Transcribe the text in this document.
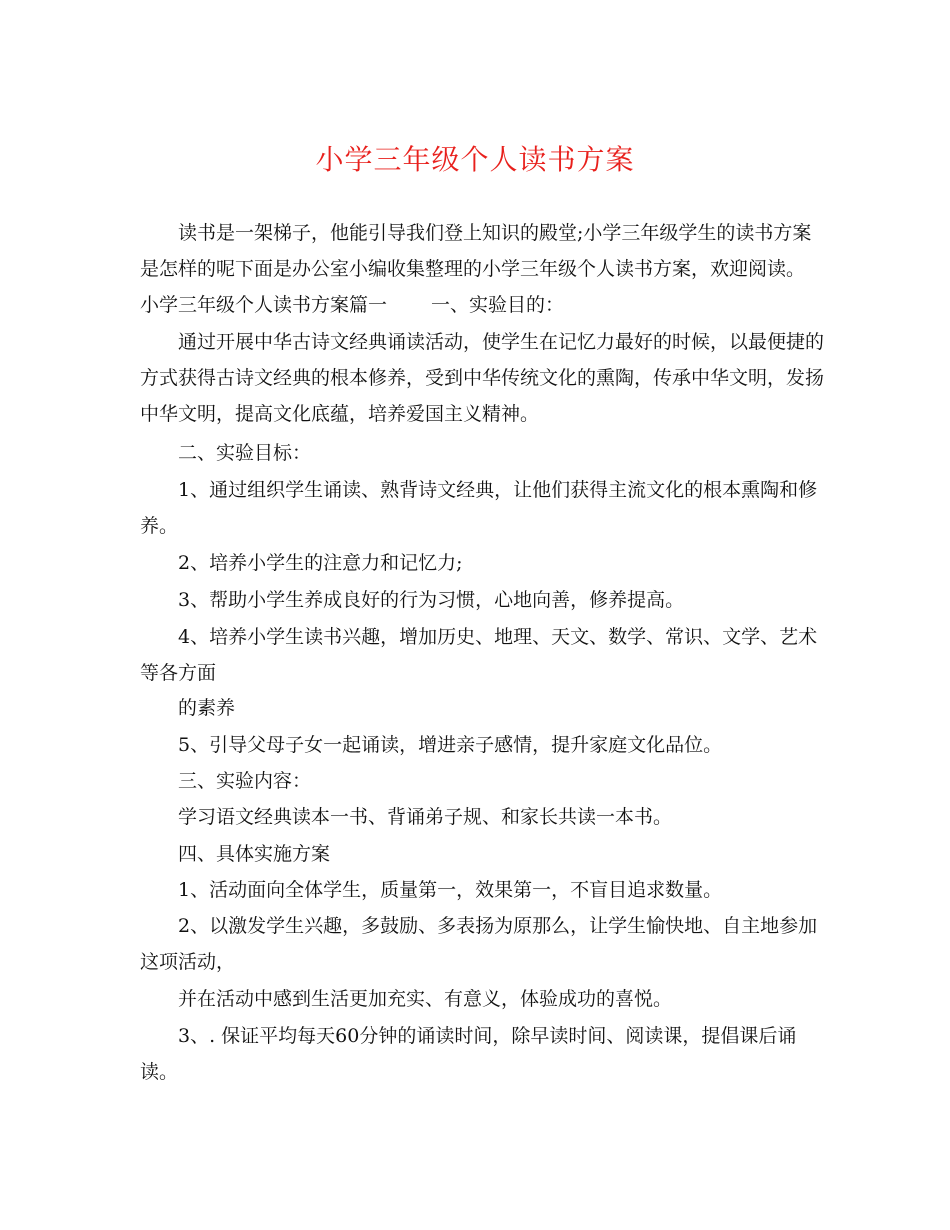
小学三年级个人读书方案
读书是一架梯子，他能引导我们登上知识的殿堂;小学三年级学生的读书方案
是怎样的呢下面是办公室小编收集整理的小学三年级个人读书方案，欢迎阅读。
小学三年级个人读书方案篇一 一、实验目的：
通过开展中华古诗文经典诵读活动，使学生在记忆力最好的时候，以最便捷的
方式获得古诗文经典的根本修养，受到中华传统文化的熏陶，传承中华文明，发扬
中华文明，提高文化底蕴，培养爱国主义精神。
二、实验目标：
1、通过组织学生诵读、熟背诗文经典，让他们获得主流文化的根本熏陶和修
养。
2、培养小学生的注意力和记忆力;
3、帮助小学生养成良好的行为习惯，心地向善，修养提高。
4、培养小学生读书兴趣，增加历史、地理、天文、数学、常识、文学、艺术
等各方面
的素养
5、引导父母子女一起诵读，增进亲子感情，提升家庭文化品位。
三、实验内容：
学习语文经典读本一书、背诵弟子规、和家长共读一本书。
四、具体实施方案
1、活动面向全体学生，质量第一，效果第一，不盲目追求数量。
2、以激发学生兴趣，多鼓励、多表扬为原那么，让学生愉快地、自主地参加
这项活动，
并在活动中感到生活更加充实、有意义，体验成功的喜悦。
3、. 保证平均每天60分钟的诵读时间，除早读时间、阅读课，提倡课后诵
读。
